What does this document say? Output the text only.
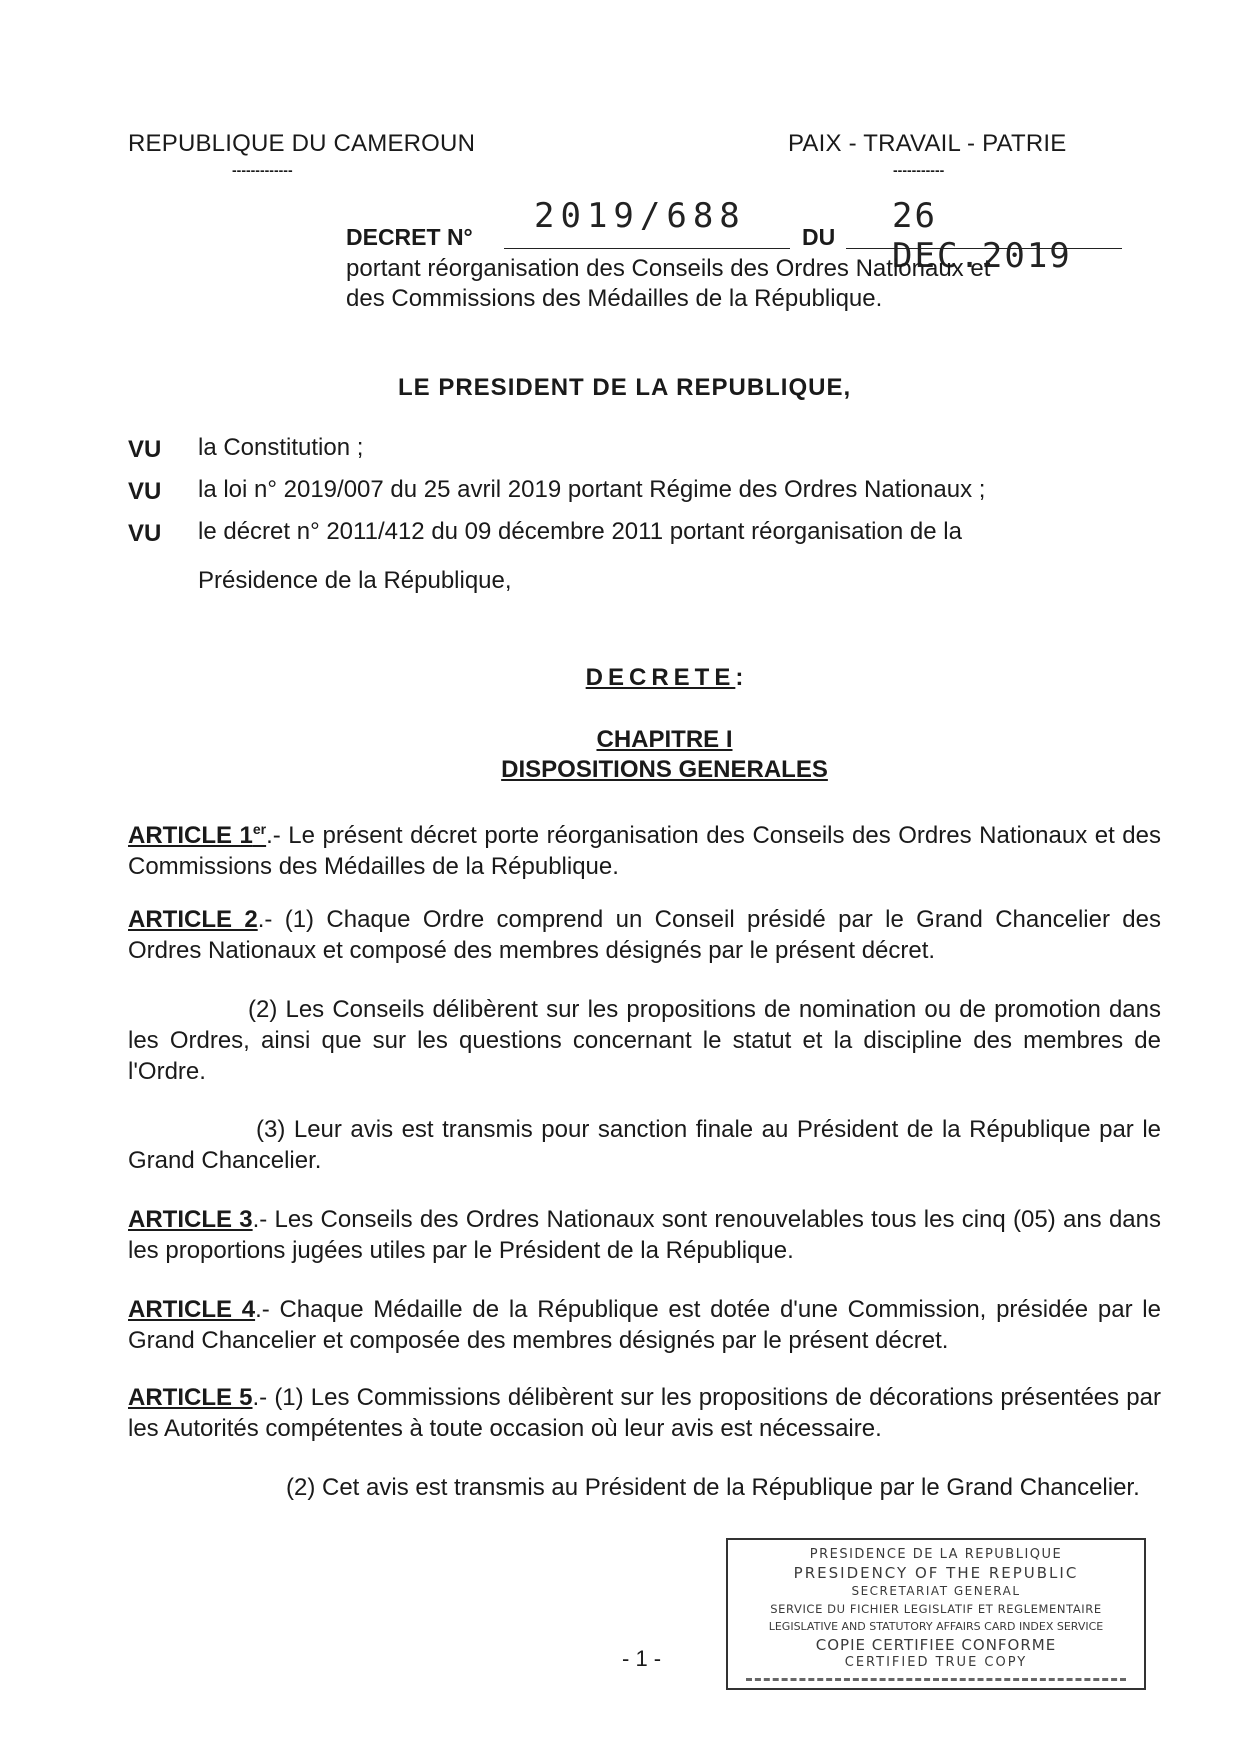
REPUBLIQUE DU CAMEROUN
-------------
PAIX - TRAVAIL - PATRIE
-----------
DECRET N°
2019/688
DU
26 DEC.2019
portant réorganisation des Conseils des Ordres Nationaux et
des Commissions des Médailles de la République.
LE PRESIDENT DE LA REPUBLIQUE,
VU la Constitution ;
VU la loi n° 2019/007 du 25 avril 2019 portant Régime des Ordres Nationaux ;
VU le décret n° 2011/412 du 09 décembre 2011 portant réorganisation de la
Présidence de la République,
DECRETE:
CHAPITRE I
DISPOSITIONS GENERALES
ARTICLE 1er.- Le présent décret porte réorganisation des Conseils des Ordres Nationaux et des Commissions des Médailles de la République.
ARTICLE 2.- (1) Chaque Ordre comprend un Conseil présidé par le Grand Chancelier des Ordres Nationaux et composé des membres désignés par le présent décret.
(2) Les Conseils délibèrent sur les propositions de nomination ou de promotion dans les Ordres, ainsi que sur les questions concernant le statut et la discipline des membres de l'Ordre.
(3) Leur avis est transmis pour sanction finale au Président de la République par le Grand Chancelier.
ARTICLE 3.- Les Conseils des Ordres Nationaux sont renouvelables tous les cinq (05) ans dans les proportions jugées utiles par le Président de la République.
ARTICLE 4.- Chaque Médaille de la République est dotée d'une Commission, présidée par le Grand Chancelier et composée des membres désignés par le présent décret.
ARTICLE 5.- (1) Les Commissions délibèrent sur les propositions de décorations présentées par les Autorités compétentes à toute occasion où leur avis est nécessaire.
(2) Cet avis est transmis au Président de la République par le Grand Chancelier.
PRESIDENCE DE LA REPUBLIQUE
PRESIDENCY OF THE REPUBLIC
SECRETARIAT GENERAL
SERVICE DU FICHIER LEGISLATIF ET REGLEMENTAIRE
LEGISLATIVE AND STATUTORY AFFAIRS CARD INDEX SERVICE
COPIE CERTIFIEE CONFORME
CERTIFIED TRUE COPY
- 1 -
